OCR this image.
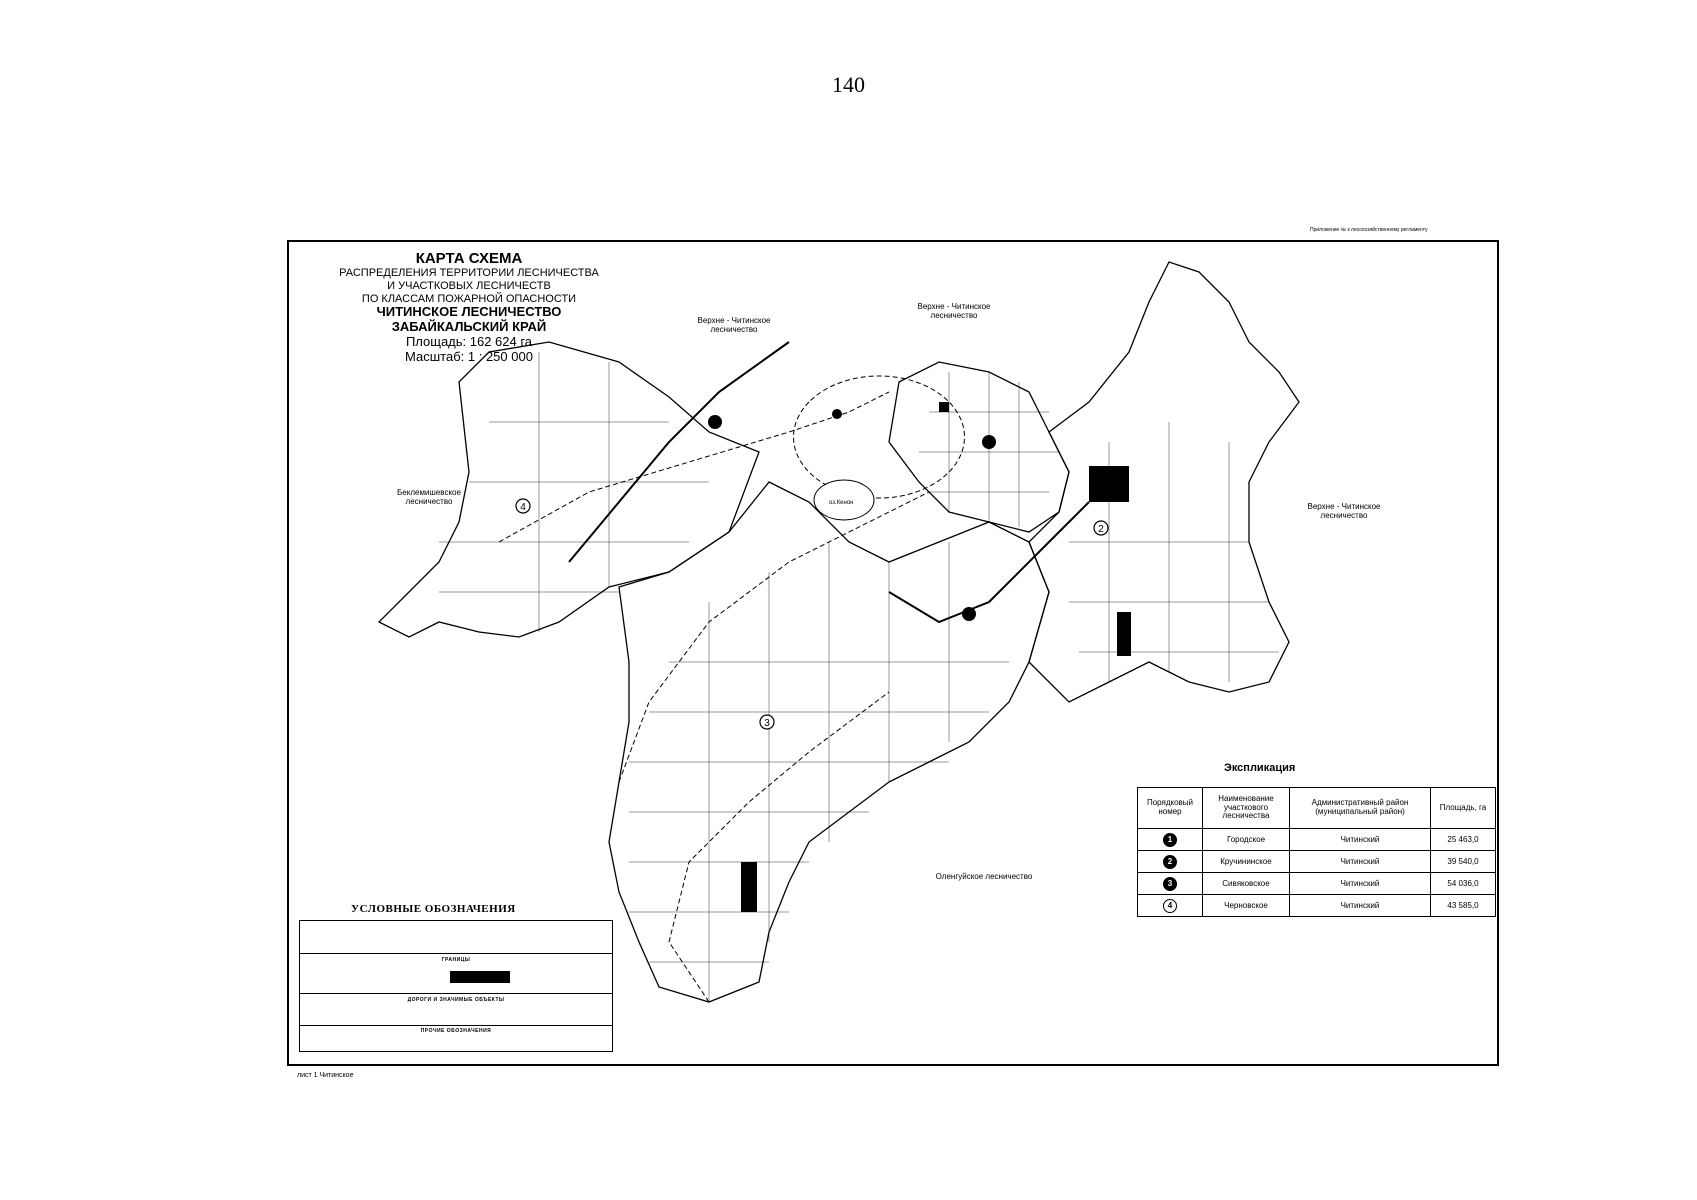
140
Приложение № к лесохозяйственному регламенту
оз.Кенон
4
2
3
КАРТА СХЕМА
РАСПРЕДЕЛЕНИЯ ТЕРРИТОРИИ ЛЕСНИЧЕСТВА
И УЧАСТКОВЫХ ЛЕСНИЧЕСТВ
ПО КЛАССАМ ПОЖАРНОЙ ОПАСНОСТИ
ЧИТИНСКОЕ ЛЕСНИЧЕСТВО
ЗАБАЙКАЛЬСКИЙ КРАЙ
Площадь: 162 624 га
Масштаб: 1 : 250 000
Верхне - Читинское лесничество
Верхне - Читинское лесничество
Верхне - Читинское лесничество
Беклемишевское лесничество
Оленгуйское лесничество
УСЛОВНЫЕ ОБОЗНАЧЕНИЯ
ГРАНИЦЫ
ДОРОГИ И ЗНАЧИМЫЕ ОБЪЕКТЫ
ПРОЧИЕ ОБОЗНАЧЕНИЯ
Экспликация
Порядковый номер	Наименование участкового лесничества	Административный район (муниципальный район)	Площадь, га
1	Городское	Читинский	25 463,0
2	Кручининское	Читинский	39 540,0
3	Сивяковское	Читинский	54 036,0
4	Черновское	Читинский	43 585,0
лист 1 Читинское
